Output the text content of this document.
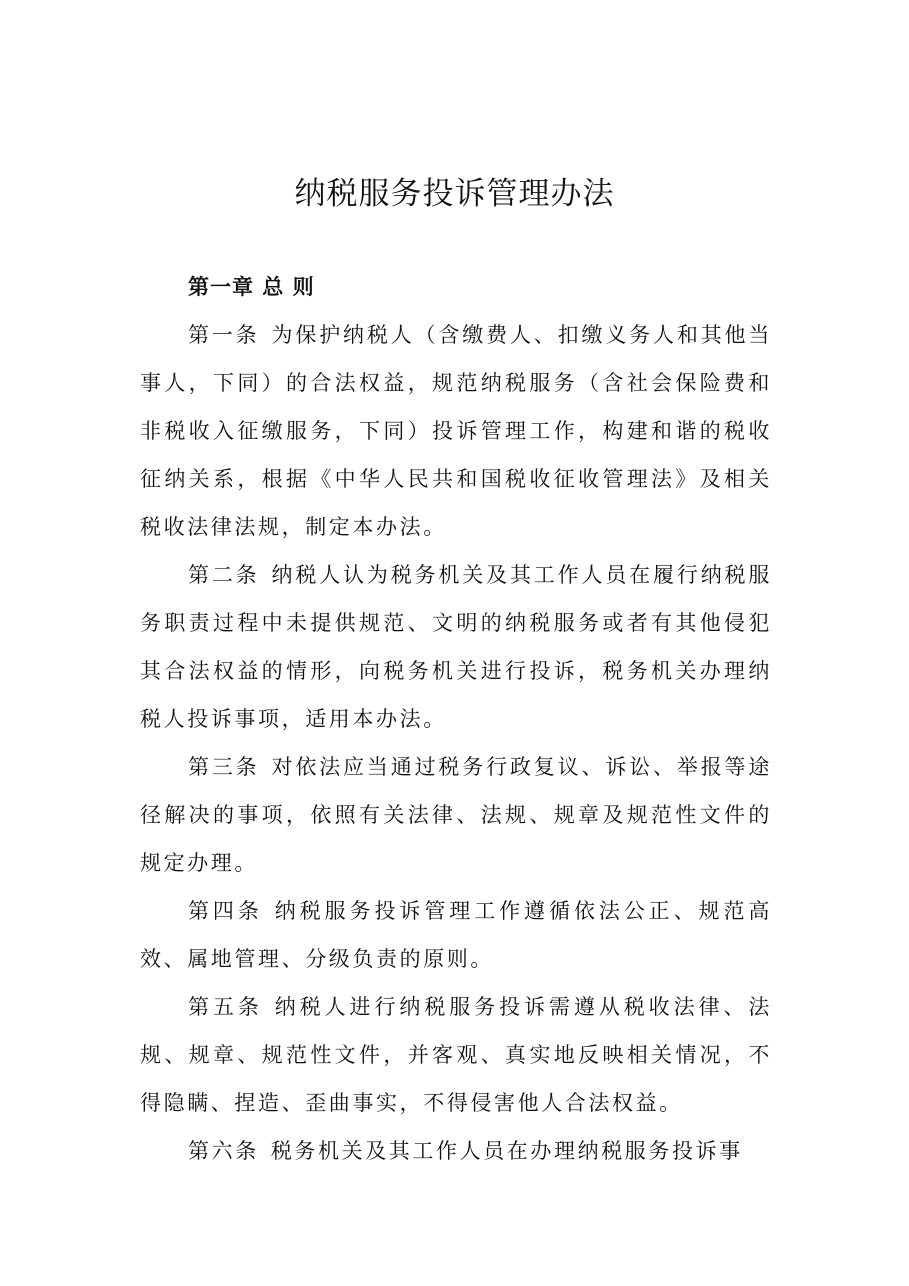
纳税服务投诉管理办法

第一章 总 则

第一条 为保护纳税人（含缴费人、扣缴义务人和其他当事人，下同）的合法权益，规范纳税服务（含社会保险费和非税收入征缴服务，下同）投诉管理工作，构建和谐的税收征纳关系，根据《中华人民共和国税收征收管理法》及相关税收法律法规，制定本办法。

第二条 纳税人认为税务机关及其工作人员在履行纳税服务职责过程中未提供规范、文明的纳税服务或者有其他侵犯其合法权益的情形，向税务机关进行投诉，税务机关办理纳税人投诉事项，适用本办法。

第三条 对依法应当通过税务行政复议、诉讼、举报等途径解决的事项，依照有关法律、法规、规章及规范性文件的规定办理。

第四条 纳税服务投诉管理工作遵循依法公正、规范高效、属地管理、分级负责的原则。

第五条 纳税人进行纳税服务投诉需遵从税收法律、法规、规章、规范性文件，并客观、真实地反映相关情况，不得隐瞒、捏造、歪曲事实，不得侵害他人合法权益。

第六条 税务机关及其工作人员在办理纳税服务投诉事
